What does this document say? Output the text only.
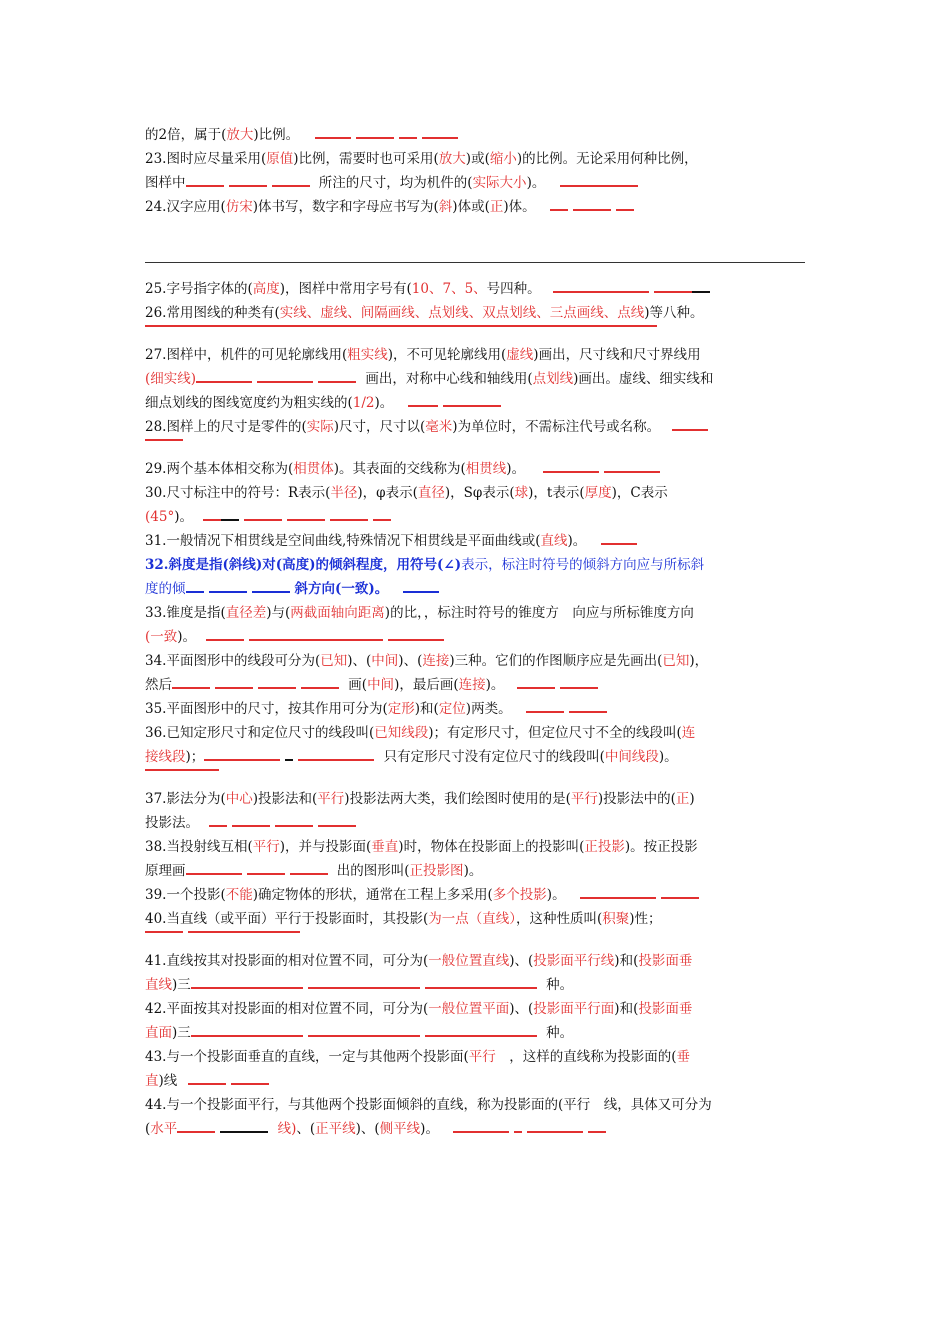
的2倍，属于(放大)比例。

23.图时应尽量采用(原值)比例，需要时也可采用(放大)或(缩小)的比例。无论采用何种比例，

图样中	所注的尺寸，均为机件的(实际大小)。

24.汉字应用(仿宋)体书写，数字和字母应书写为(斜)体或(正)体。

25.字号指字体的(高度)，图样中常用字号有(10、7、5、号四种。

26.常用图线的种类有(实线、虚线、间隔画线、点划线、双点划线、三点画线、点线)等八种。

27.图样中，机件的可见轮廓线用(粗实线)，不可见轮廓线用(虚线)画出，尺寸线和尺寸界线用

(细实线)	画出，对称中心线和轴线用(点划线)画出。虚线、细实线和

细点划线的图线宽度约为粗实线的(1/2)。

28.图样上的尺寸是零件的(实际)尺寸，尺寸以(毫米)为单位时，不需标注代号或名称。

29.两个基本体相交称为(相贯体)。其表面的交线称为(相贯线)。

30.尺寸标注中的符号：R表示(半径)，φ表示(直径)，Sφ表示(球)，t表示(厚度)，C表示

(45°)。

31.一般情况下相贯线是空间曲线,特殊情况下相贯线是平面曲线或(直线)。

32.斜度是指(斜线)对(高度)的倾斜程度，用符号(∠)表示，标注时符号的倾斜方向应与所标斜

度的倾	斜方向(一致)。

33.锥度是指(直径差)与(两截面轴向距离)的比，，标注时符号的锥度方　向应与所标锥度方向

(一致)。

34.平面图形中的线段可分为(已知)、(中间)、(连接)三种。它们的作图顺序应是先画出(已知)，

然后	画(中间)，最后画(连接)。

35.平面图形中的尺寸，按其作用可分为(定形)和(定位)两类。

36.已知定形尺寸和定位尺寸的线段叫(已知线段)；有定形尺寸，但定位尺寸不全的线段叫(连

接线段)；	只有定形尺寸没有定位尺寸的线段叫(中间线段)。

37.影法分为(中心)投影法和(平行)投影法两大类，我们绘图时使用的是(平行)投影法中的(正)

投影法。

38.当投射线互相(平行)，并与投影面(垂直)时，物体在投影面上的投影叫(正投影)。按正投影

原理画	出的图形叫(正投影图)。

39.一个投影(不能)确定物体的形状，通常在工程上多采用(多个投影)。

40.当直线（或平面）平行于投影面时，其投影(为一点（直线），这种性质叫(积聚)性；

41.直线按其对投影面的相对位置不同，可分为(一般位置直线)、(投影面平行线)和(投影面垂

直线)三	种。

42.平面按其对投影面的相对位置不同，可分为(一般位置平面)、(投影面平行面)和(投影面垂

直面)三	种。

43.与一个投影面垂直的直线，一定与其他两个投影面(平行　，这样的直线称为投影面的(垂

直)线

44.与一个投影面平行，与其他两个投影面倾斜的直线，称为投影面的(平行　线，具体又可分为

(水平	线)、(正平线)、(侧平线)。
